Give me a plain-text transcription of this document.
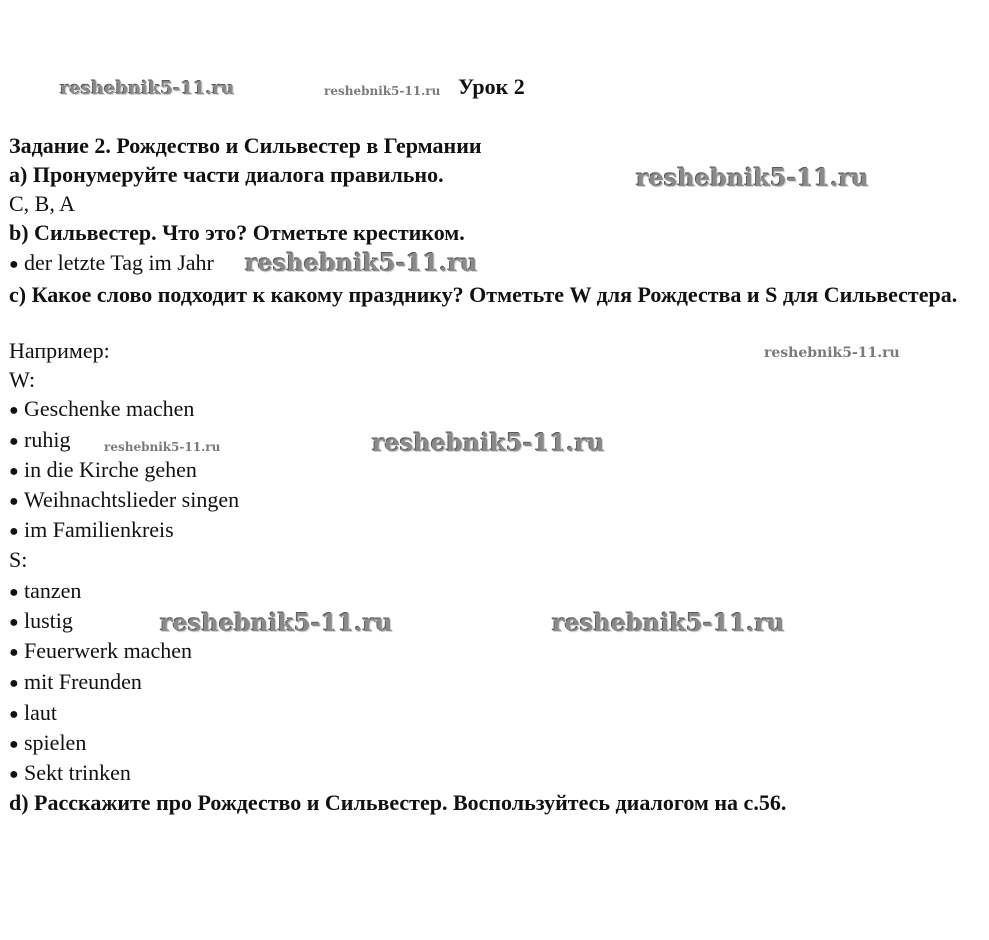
reshebnik5-11.ru	reshebnik5-11.ru Урок 2
Задание 2. Рождество и Сильвестер в Германии
a) Пронумеруйте части диалога правильно.	reshebnik5-11.ru
C, B, A
b) Сильвестер. Что это? Отметьте крестиком.
● der letzte Tag im Jahr reshebnik5-11.ru
c) Какое слово подходит к какому празднику? Отметьте W для Рождества и S для Сильвестера.
Например:	reshebnik5-11.ru
W:
● Geschenke machen
● ruhig	reshebnik5-11.ru	reshebnik5-11.ru
● in die Kirche gehen
● Weihnachtslieder singen
● im Familienkreis
S:
● tanzen
● lustig	reshebnik5-11.ru	reshebnik5-11.ru
● Feuerwerk machen
● mit Freunden
● laut
● spielen
● Sekt trinken
d) Расскажите про Рождество и Сильвестер. Воспользуйтесь диалогом на с.56.
